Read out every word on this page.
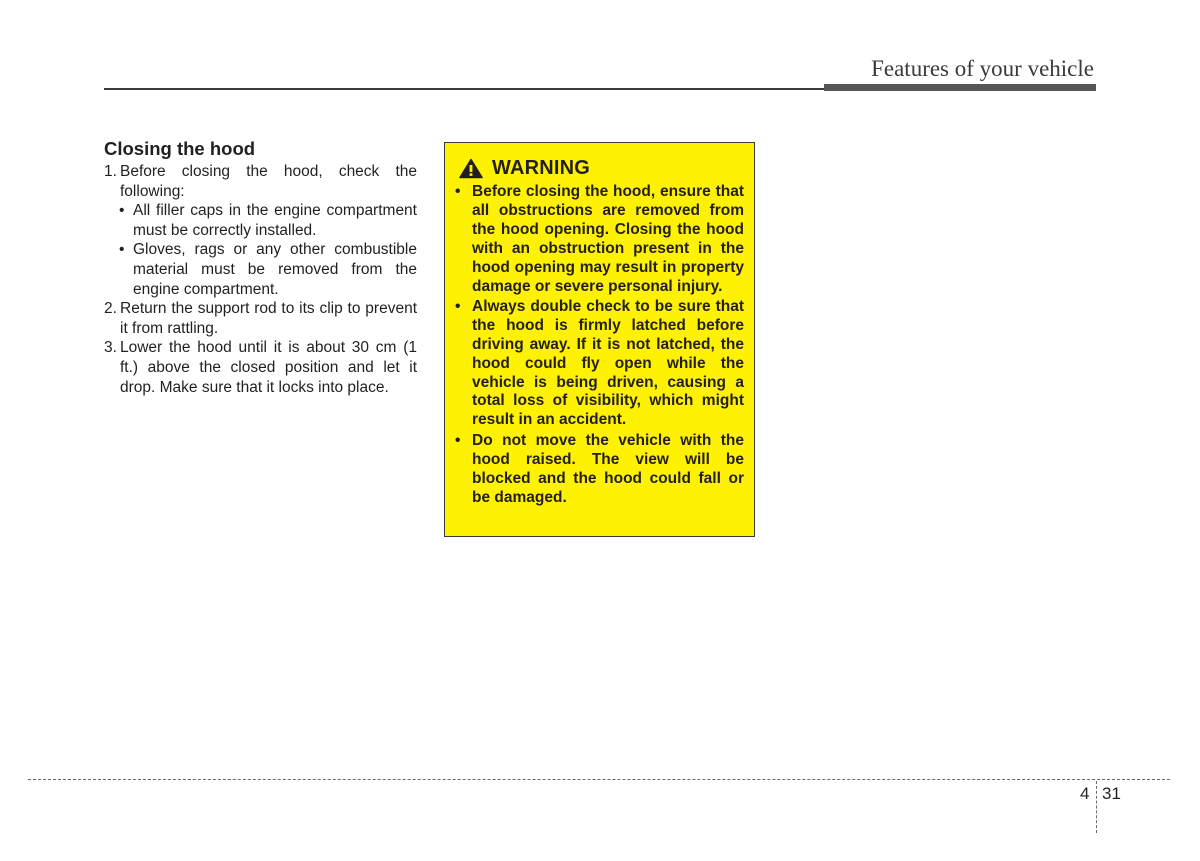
Features of your vehicle
Closing the hood
1. Before closing the hood, check the following:
• All filler caps in the engine compartment must be correctly installed.
• Gloves, rags or any other combustible material must be removed from the engine compartment.
2. Return the support rod to its clip to prevent it from rattling.
3. Lower the hood until it is about 30 cm (1 ft.) above the closed position and let it drop. Make sure that it locks into place.
WARNING
• Before closing the hood, ensure that all obstructions are removed from the hood opening. Closing the hood with an obstruction present in the hood opening may result in property damage or severe personal injury.
• Always double check to be sure that the hood is firmly latched before driving away. If it is not latched, the hood could fly open while the vehicle is being driven, causing a total loss of visibility, which might result in an accident.
• Do not move the vehicle with the hood raised. The view will be blocked and the hood could fall or be damaged.
4 31
